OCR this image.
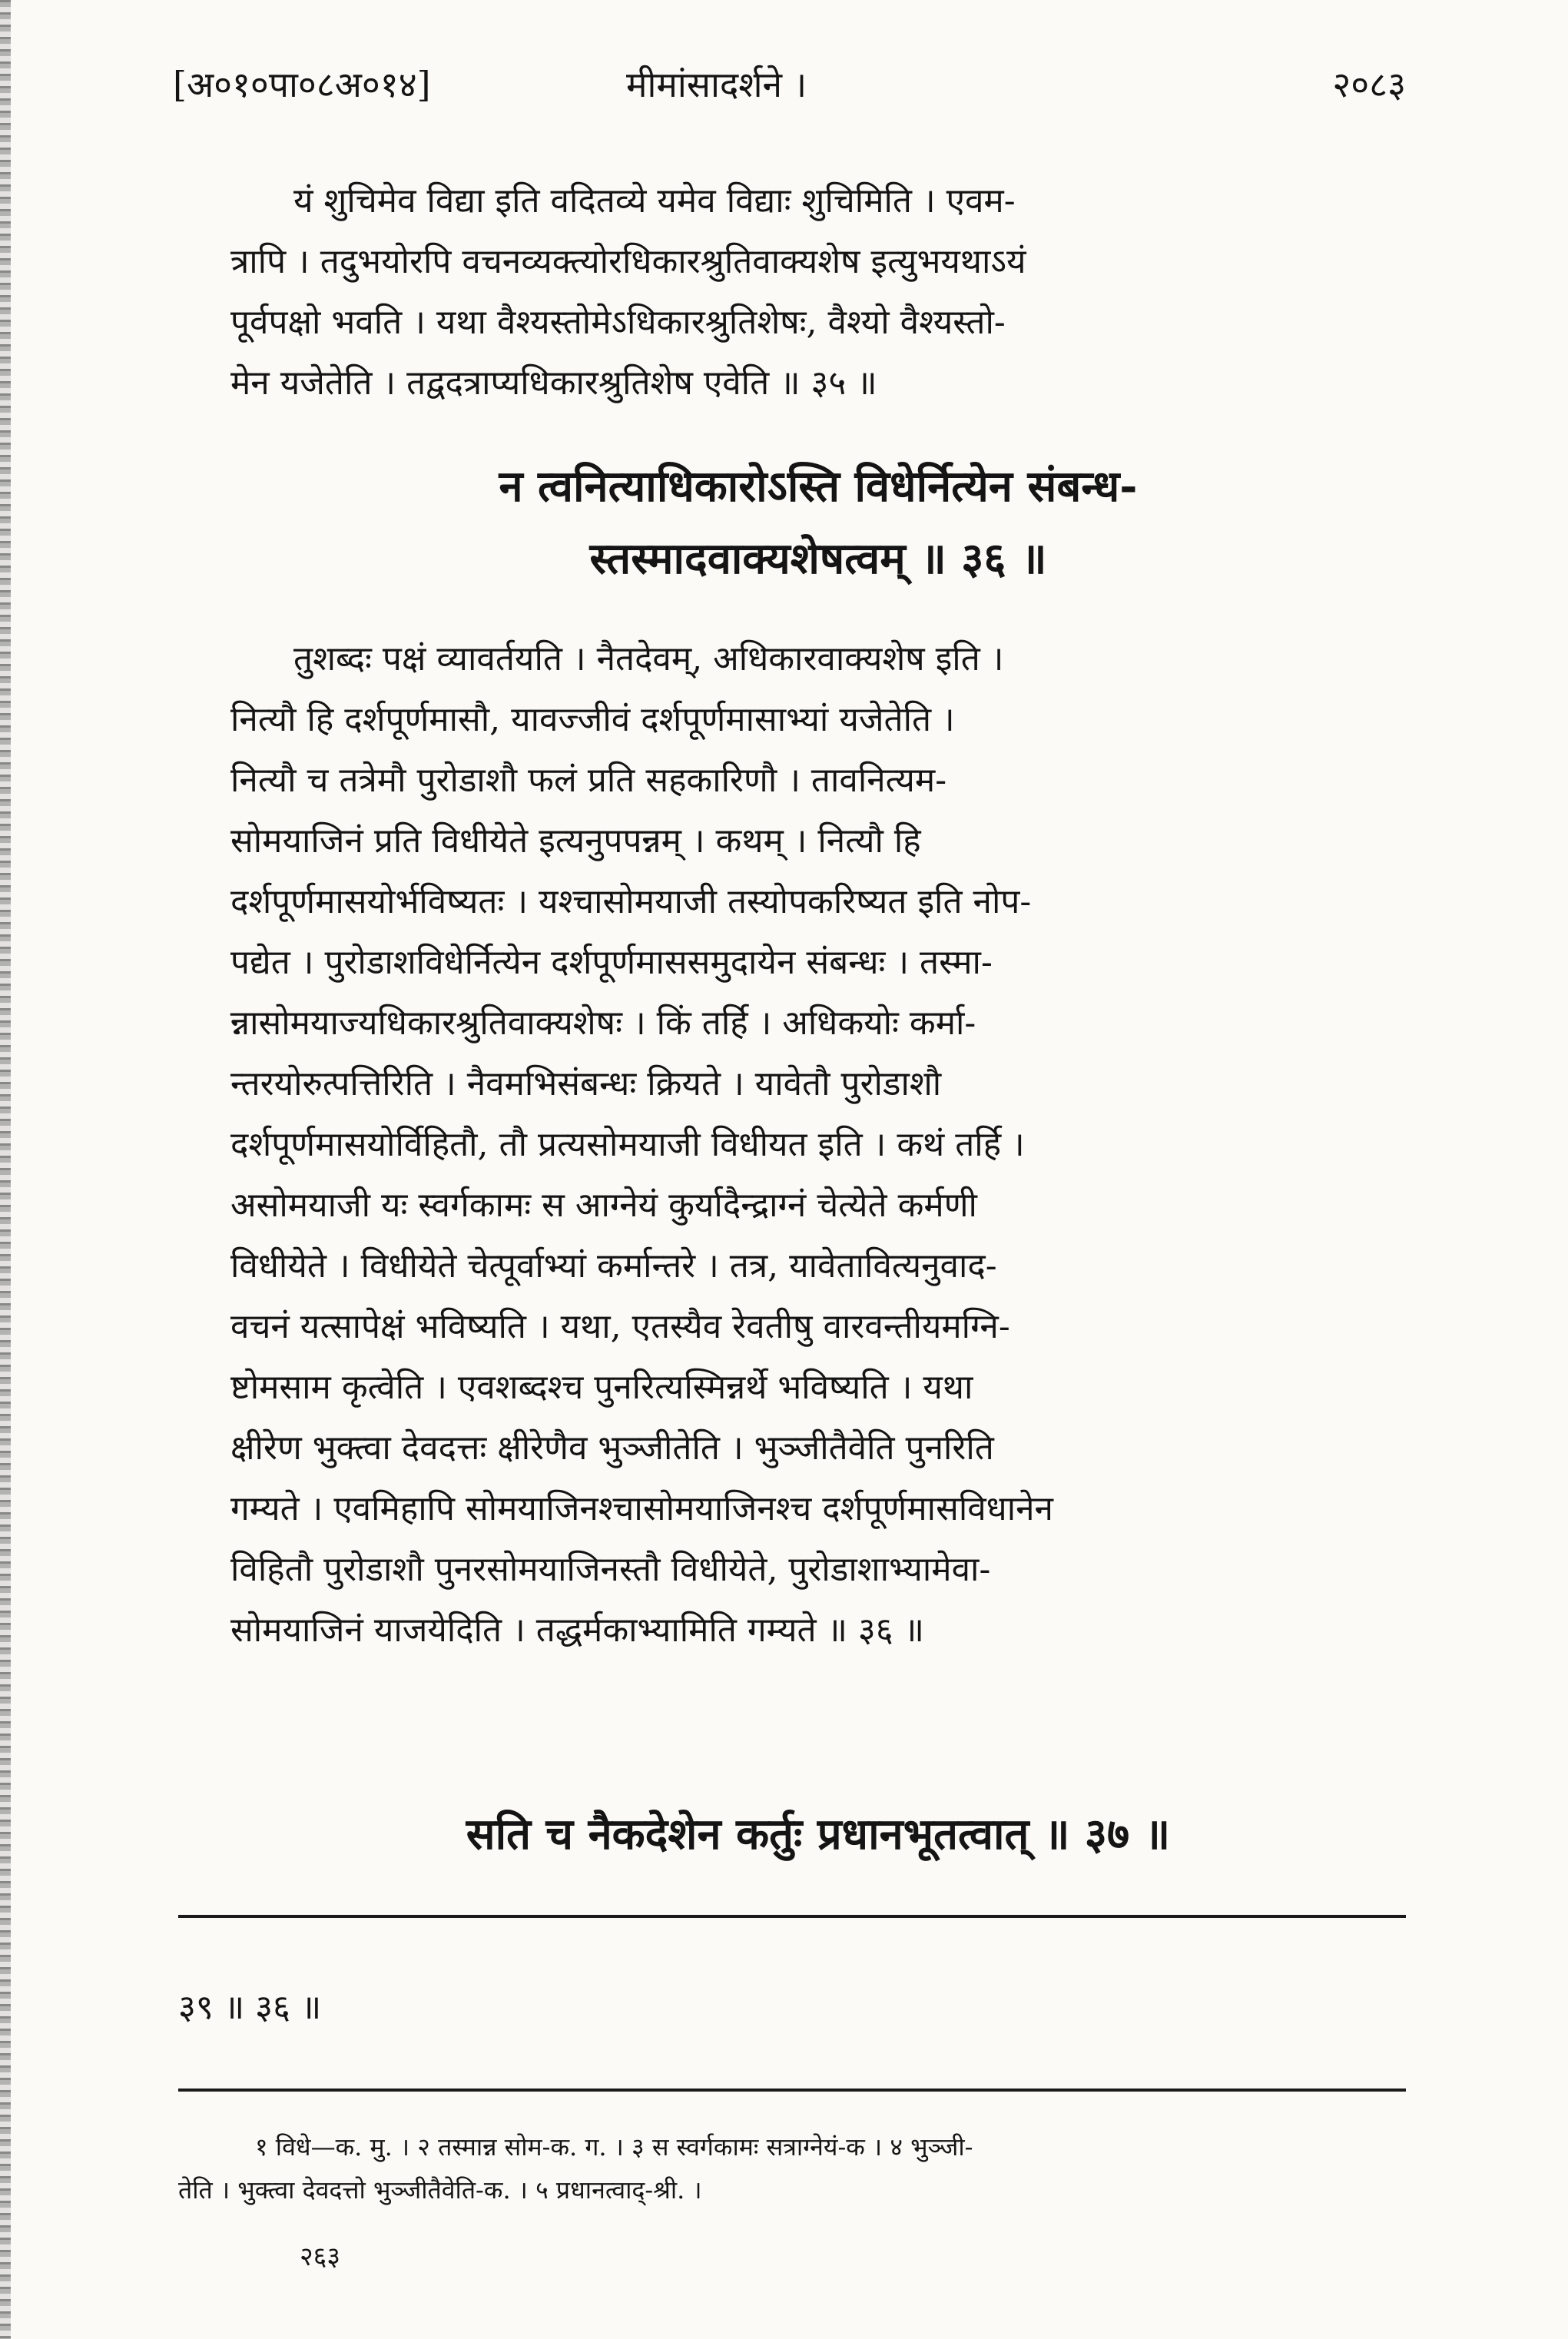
[अ०१०पा०८अ०१४]	मीमांसादर्शने ।	२०८३
यं शुचिमेव विद्या इति वदितव्ये यमेव विद्याः शुचिमिति । एवम-
त्रापि । तदुभयोरपि वचनव्यक्त्योरधिकारश्रुतिवाक्यशेष इत्युभयथाऽयं
पूर्वपक्षो भवति । यथा वैश्यस्तोमेऽधिकारश्रुतिशेषः, वैश्यो वैश्यस्तो-
मेन यजेतेति । तद्वदत्राप्यधिकारश्रुतिशेष एवेति ॥ ३५ ॥
न त्वनित्याधिकारोऽस्ति विधेर्नित्येन संबन्ध-
स्तस्मादवाक्यशेषत्वम् ॥ ३६ ॥
तुशब्दः पक्षं व्यावर्तयति । नैतदेवम्, अधिकारवाक्यशेष इति ।
नित्यौ हि दर्शपूर्णमासौ, यावज्जीवं दर्शपूर्णमासाभ्यां यजेतेति ।
नित्यौ च तत्रेमौ पुरोडाशौ फलं प्रति सहकारिणौ । तावनित्यम-
सोमयाजिनं प्रति विधीयेते इत्यनुपपन्नम् । कथम् । नित्यौ हि
दर्शपूर्णमासयोर्भविष्यतः । यश्चासोमयाजी तस्योपकरिष्यत इति नोप-
पद्येत । पुरोडाशविधेर्नित्येन दर्शपूर्णमाससमुदायेन संबन्धः । तस्मा-
न्नासोमयाज्यधिकारश्रुतिवाक्यशेषः । किं तर्हि । अधिकयोः कर्मा-
न्तरयोरुत्पत्तिरिति । नैवमभिसंबन्धः क्रियते । यावेतौ पुरोडाशौ
दर्शपूर्णमासयोर्विहितौ, तौ प्रत्यसोमयाजी विधीयत इति । कथं तर्हि ।
असोमयाजी यः स्वर्गकामः स आग्नेयं कुर्यादैन्द्राग्नं चेत्येते कर्मणी
विधीयेते । विधीयेते चेत्पूर्वाभ्यां कर्मान्तरे । तत्र, यावेतावित्यनुवाद-
वचनं यत्सापेक्षं भविष्यति । यथा, एतस्यैव रेवतीषु वारवन्तीयमग्नि-
ष्टोमसाम कृत्वेति । एवशब्दश्च पुनरित्यस्मिन्नर्थे भविष्यति । यथा
क्षीरेण भुक्त्वा देवदत्तः क्षीरेणैव भुञ्जीतेति । भुञ्जीतैवेति पुनरिति
गम्यते । एवमिहापि सोमयाजिनश्चासोमयाजिनश्च दर्शपूर्णमासविधानेन
विहितौ पुरोडाशौ पुनरसोमयाजिनस्तौ विधीयेते, पुरोडाशाभ्यामेवा-
सोमयाजिनं याजयेदिति । तद्धर्मकाभ्यामिति गम्यते ॥ ३६ ॥
सति च नैकदेशेन कर्तुः प्रधानभूतत्वात् ॥ ३७ ॥
३९ ॥ ३६ ॥
१ विधे—क. मु. । २ तस्मान्न सोम-क. ग. । ३ स स्वर्गकामः सत्राग्नेयं-क । ४ भुञ्जी-
तेति । भुक्त्वा देवदत्तो भुञ्जीतैवेति-क. । ५ प्रधानत्वाद्-श्री. ।
२६३
